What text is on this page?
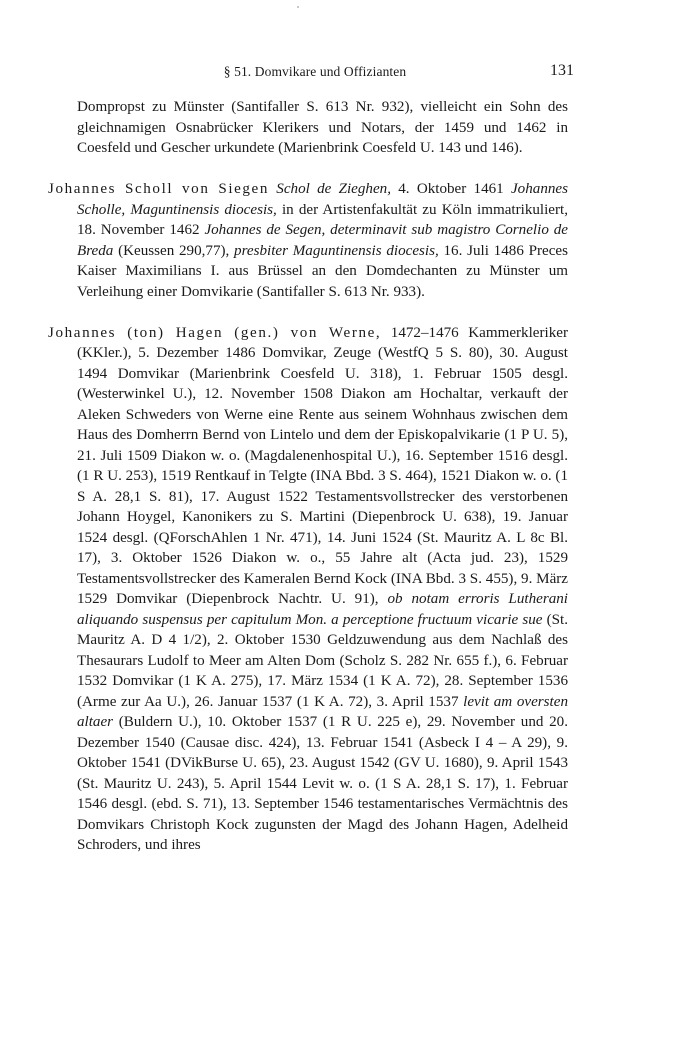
§ 51. Domvikare und Offizianten	131

Dompropst zu Münster (Santifaller S. 613 Nr. 932), vielleicht ein Sohn des gleichnamigen Osnabrücker Klerikers und Notars, der 1459 und 1462 in Coesfeld und Gescher urkundete (Marienbrink Coesfeld U. 143 und 146).

Johannes Scholl von Siegen Schol de Zieghen, 4. Oktober 1461 Johannes Scholle, Maguntinensis diocesis, in der Artistenfakultät zu Köln immatrikuliert, 18. November 1462 Johannes de Segen, determinavit sub magistro Cornelio de Breda (Keussen 290,77), presbiter Maguntinensis diocesis, 16. Juli 1486 Preces Kaiser Maximilians I. aus Brüssel an den Domdechanten zu Münster um Verleihung einer Domvikarie (Santifaller S. 613 Nr. 933).

Johannes (ton) Hagen (gen.) von Werne, 1472–1476 Kammerkleriker (KKler.), 5. Dezember 1486 Domvikar, Zeuge (WestfQ 5 S. 80), 30. August 1494 Domvikar (Marienbrink Coesfeld U. 318), 1. Februar 1505 desgl. (Westerwinkel U.), 12. November 1508 Diakon am Hochaltar, verkauft der Aleken Schweders von Werne eine Rente aus seinem Wohnhaus zwischen dem Haus des Domherrn Bernd von Lintelo und dem der Episkopalvikarie (1 P U. 5), 21. Juli 1509 Diakon w. o. (Magdalenenhospital U.), 16. September 1516 desgl. (1 R U. 253), 1519 Rentkauf in Telgte (INA Bbd. 3 S. 464), 1521 Diakon w. o. (1 S A. 28,1 S. 81), 17. August 1522 Testamentsvollstrecker des verstorbenen Johann Hoygel, Kanonikers zu S. Martini (Diepenbrock U. 638), 19. Januar 1524 desgl. (QForschAhlen 1 Nr. 471), 14. Juni 1524 (St. Mauritz A. L 8c Bl. 17), 3. Oktober 1526 Diakon w. o., 55 Jahre alt (Acta jud. 23), 1529 Testamentsvollstrecker des Kameralen Bernd Kock (INA Bbd. 3 S. 455), 9. März 1529 Domvikar (Diepenbrock Nachtr. U. 91), ob notam erroris Lutherani aliquando suspensus per capitulum Mon. a perceptione fructuum vicarie sue (St. Mauritz A. D 4 1/2), 2. Oktober 1530 Geldzuwendung aus dem Nachlaß des Thesaurars Ludolf to Meer am Alten Dom (Scholz S. 282 Nr. 655 f.), 6. Februar 1532 Domvikar (1 K A. 275), 17. März 1534 (1 K A. 72), 28. September 1536 (Arme zur Aa U.), 26. Januar 1537 (1 K A. 72), 3. April 1537 levit am oversten altaer (Buldern U.), 10. Oktober 1537 (1 R U. 225 e), 29. November und 20. Dezember 1540 (Causae disc. 424), 13. Februar 1541 (Asbeck I 4 – A 29), 9. Oktober 1541 (DVikBurse U. 65), 23. August 1542 (GV U. 1680), 9. April 1543 (St. Mauritz U. 243), 5. April 1544 Levit w. o. (1 S A. 28,1 S. 17), 1. Februar 1546 desgl. (ebd. S. 71), 13. September 1546 testamentarisches Vermächtnis des Domvikars Christoph Kock zugunsten der Magd des Johann Hagen, Adelheid Schroders, und ihres
